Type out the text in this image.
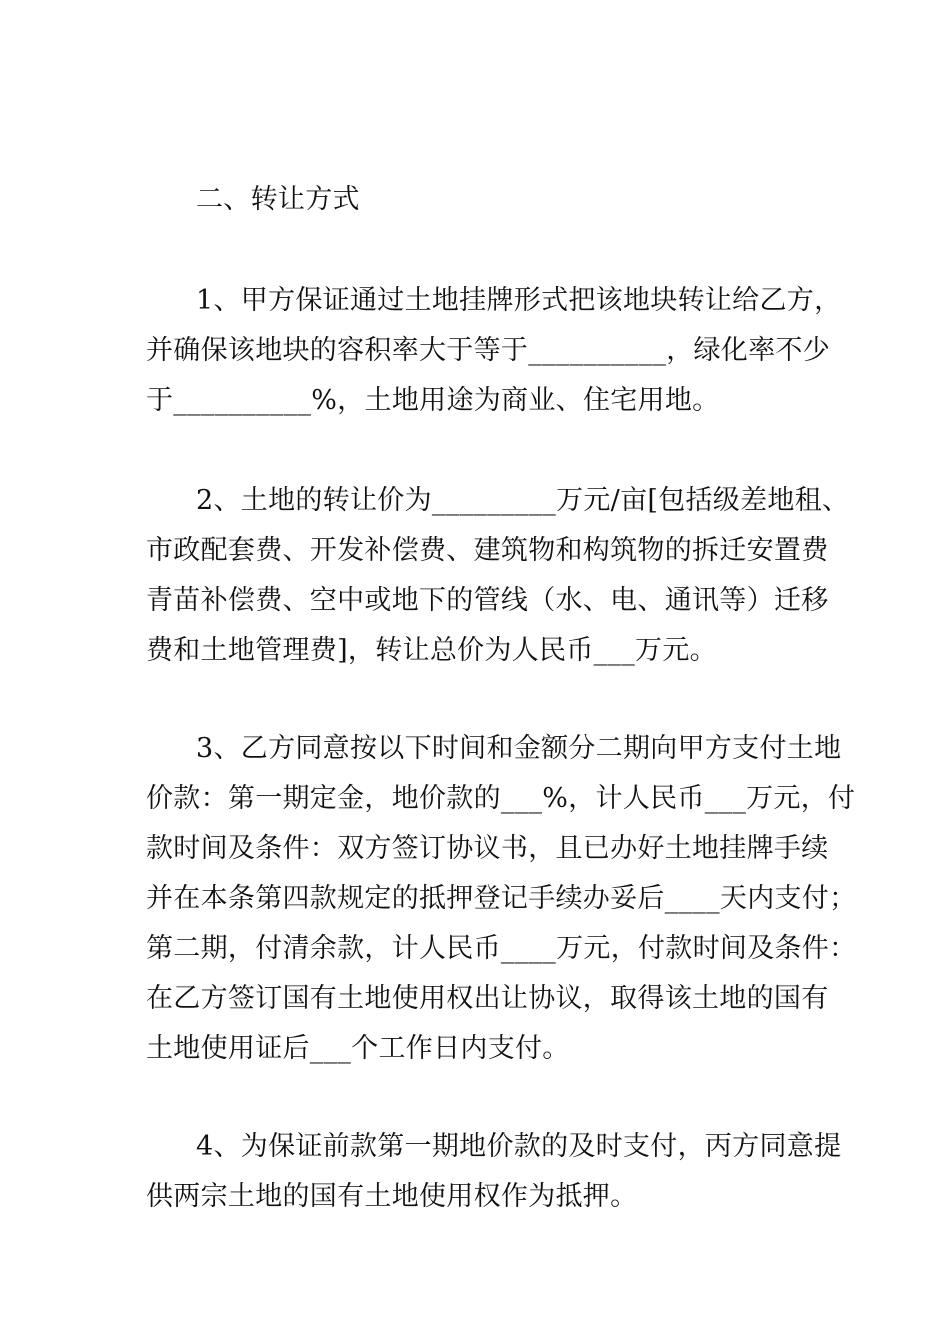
二、转让方式
1、甲方保证通过土地挂牌形式把该地块转让给乙方，
并确保该地块的容积率大于等于__________，绿化率不少
于__________%，土地用途为商业、住宅用地。
2、土地的转让价为_________万元/亩[包括级差地租、
市政配套费、开发补偿费、建筑物和构筑物的拆迁安置费
青苗补偿费、空中或地下的管线（水、电、通讯等）迁移
费和土地管理费]，转让总价为人民币___万元。
3、乙方同意按以下时间和金额分二期向甲方支付土地
价款：第一期定金，地价款的___%，计人民币___万元，付
款时间及条件：双方签订协议书，且已办好土地挂牌手续
并在本条第四款规定的抵押登记手续办妥后____天内支付；
第二期，付清余款，计人民币____万元，付款时间及条件：
在乙方签订国有土地使用权出让协议，取得该土地的国有
土地使用证后___个工作日内支付。
4、为保证前款第一期地价款的及时支付，丙方同意提
供两宗土地的国有土地使用权作为抵押。
